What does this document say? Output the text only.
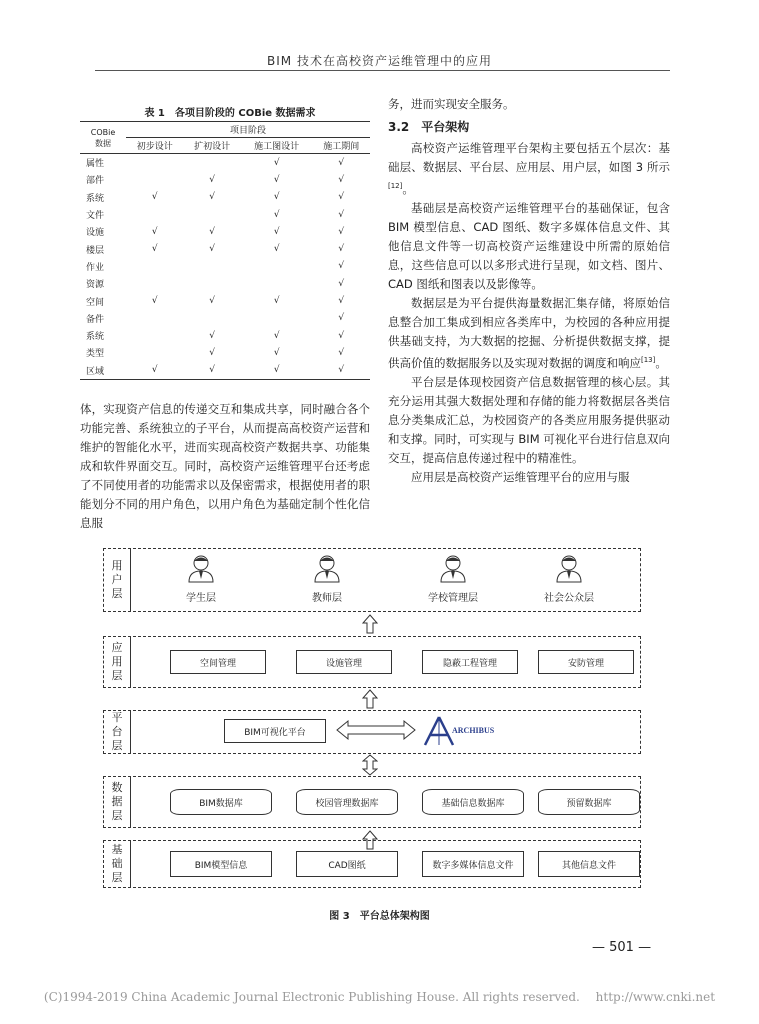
BIM 技术在高校资产运维管理中的应用
表 1　各项目阶段的 COBie 数据需求
COBie
数据	项目阶段			
	初步设计	扩初设计	施工图设计	施工期间
属性			√	√
部件		√	√	√
系统	√	√	√	√
文件			√	√
设施	√	√	√	√
楼层	√	√	√	√
作业				√
资源				√
空间	√	√	√	√
备件				√
系统		√	√	√
类型		√	√	√
区域	√	√	√	√
体，实现资产信息的传递交互和集成共享，同时融合各个功能完善、系统独立的子平台，从而提高高校资产运营和维护的智能化水平，进而实现高校资产数据共享、功能集成和软件界面交互。同时，高校资产运维管理平台还考虑了不同使用者的功能需求以及保密需求，根据使用者的职能划分不同的用户角色，以用户角色为基础定制个性化信息服

务，进而实现安全服务。

3.2　平台架构

高校资产运维管理平台架构主要包括五个层次：基础层、数据层、平台层、应用层、用户层，如图 3 所示[12]。

基础层是高校资产运维管理平台的基础保证，包含 BIM 模型信息、CAD 图纸、数字多媒体信息文件、其他信息文件等一切高校资产运维建设中所需的原始信息，这些信息可以以多形式进行呈现，如文档、图片、CAD 图纸和图表以及影像等。

数据层是为平台提供海量数据汇集存储，将原始信息整合加工集成到相应各类库中，为校园的各种应用提供基础支持，为大数据的挖掘、分析提供数据支撑，提供高价值的数据服务以及实现对数据的调度和响应[13]。

平台层是体现校园资产信息数据管理的核心层。其充分运用其强大数据处理和存储的能力将数据层各类信息分类集成汇总，为校园资产的各类应用服务提供驱动和支撑。同时，可实现与 BIM 可视化平台进行信息双向交互，提高信息传递过程中的精准性。

应用层是高校资产运维管理平台的应用与服

用
户
层	学生层	教师层	学校管理层	社会公众层
应
用
层
空间管理	设施管理	隐蔽工程管理	安防管理
平
台
层
BIM可视化平台	ARCHIBUS
数
据
层
BIM数据库	校园管理数据库	基础信息数据库	预留数据库
基
础
层
BIM模型信息	CAD图纸	数字多媒体信息文件	其他信息文件
图 3　平台总体架构图
— 501 —
(C)1994-2019 China Academic Journal Electronic Publishing House. All rights reserved.　 http://www.cnki.net
